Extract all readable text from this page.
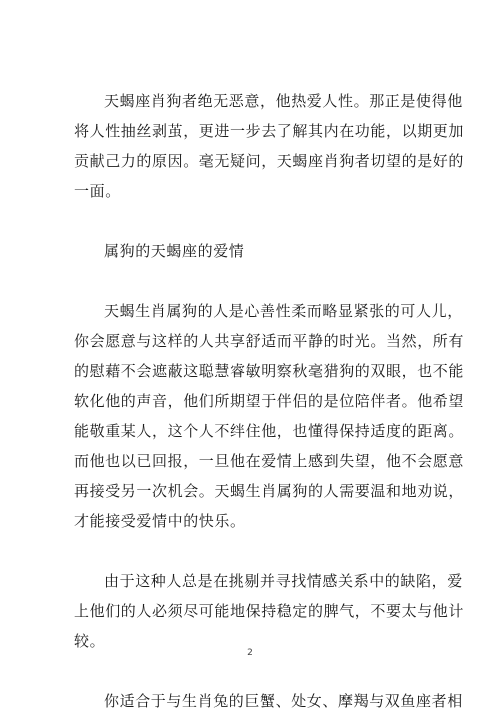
天蝎座肖狗者绝无恶意，他热爱人性。那正是使得他
将人性抽丝剥茧，更进一步去了解其内在功能，以期更加
贡献己力的原因。毫无疑问，天蝎座肖狗者切望的是好的
一面。
属狗的天蝎座的爱情
天蝎生肖属狗的人是心善性柔而略显紧张的可人儿，
你会愿意与这样的人共享舒适而平静的时光。当然，所有
的慰藉不会遮蔽这聪慧睿敏明察秋毫猎狗的双眼，也不能
软化他的声音，他们所期望于伴侣的是位陪伴者。他希望
能敬重某人，这个人不绊住他，也懂得保持适度的距离。
而他也以已回报，一旦他在爱情上感到失望，他不会愿意
再接受另一次机会。天蝎生肖属狗的人需要温和地劝说，
才能接受爱情中的快乐。
由于这种人总是在挑剔并寻找情感关系中的缺陷，爱
上他们的人必须尽可能地保持稳定的脾气，不要太与他计
较。
你适合于与生肖兔的巨蟹、处女、摩羯与双鱼座者相
2
